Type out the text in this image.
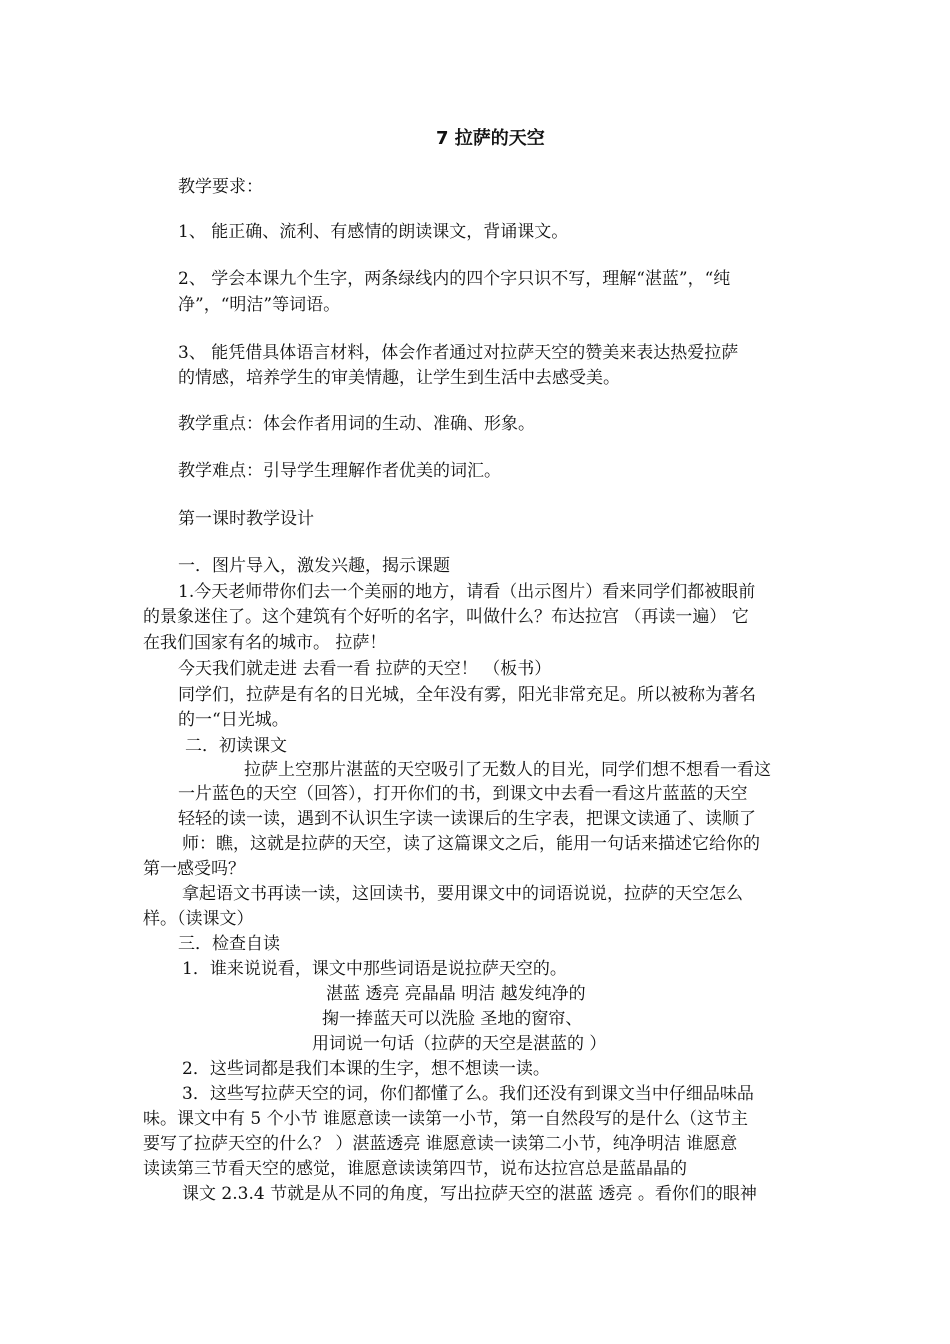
7 拉萨的天空
教学要求：
1、 能正确、流利、有感情的朗读课文，背诵课文。
2、 学会本课九个生字，两条绿线内的四个字只识不写，理解“湛蓝”，“纯
净”，“明洁”等词语。
3、 能凭借具体语言材料，体会作者通过对拉萨天空的赞美来表达热爱拉萨
的情感，培养学生的审美情趣，让学生到生活中去感受美。
教学重点：体会作者用词的生动、准确、形象。
教学难点：引导学生理解作者优美的词汇。
第一课时教学设计
一．图片导入，激发兴趣，揭示课题
1.今天老师带你们去一个美丽的地方，请看（出示图片）看来同学们都被眼前
的景象迷住了。这个建筑有个好听的名字，叫做什么？布达拉宫 （再读一遍） 它
在我们国家有名的城市。 拉萨！
今天我们就走进 去看一看 拉萨的天空！ （板书）
同学们，拉萨是有名的日光城，全年没有雾，阳光非常充足。所以被称为著名
的一“日光城。
二．初读课文
拉萨上空那片湛蓝的天空吸引了无数人的目光，同学们想不想看一看这
一片蓝色的天空（回答），打开你们的书，到课文中去看一看这片蓝蓝的天空
轻轻的读一读，遇到不认识生字读一读课后的生字表，把课文读通了、读顺了
师：瞧，这就是拉萨的天空，读了这篇课文之后，能用一句话来描述它给你的
第一感受吗？
拿起语文书再读一读，这回读书，要用课文中的词语说说，拉萨的天空怎么
样。（读课文）
三．检查自读
1．谁来说说看，课文中那些词语是说拉萨天空的。
湛蓝 透亮 亮晶晶 明洁 越发纯净的
掬一捧蓝天可以洗脸 圣地的窗帘、
用词说一句话（拉萨的天空是湛蓝的 ）
2．这些词都是我们本课的生字，想不想读一读。
3．这些写拉萨天空的词，你们都懂了么。我们还没有到课文当中仔细品味品
味。课文中有 5 个小节 谁愿意读一读第一小节，第一自然段写的是什么（这节主
要写了拉萨天空的什么？ ）湛蓝透亮 谁愿意读一读第二小节，纯净明洁 谁愿意
读读第三节看天空的感觉，谁愿意读读第四节，说布达拉宫总是蓝晶晶的
课文 2.3.4 节就是从不同的角度，写出拉萨天空的湛蓝 透亮 。看你们的眼神
